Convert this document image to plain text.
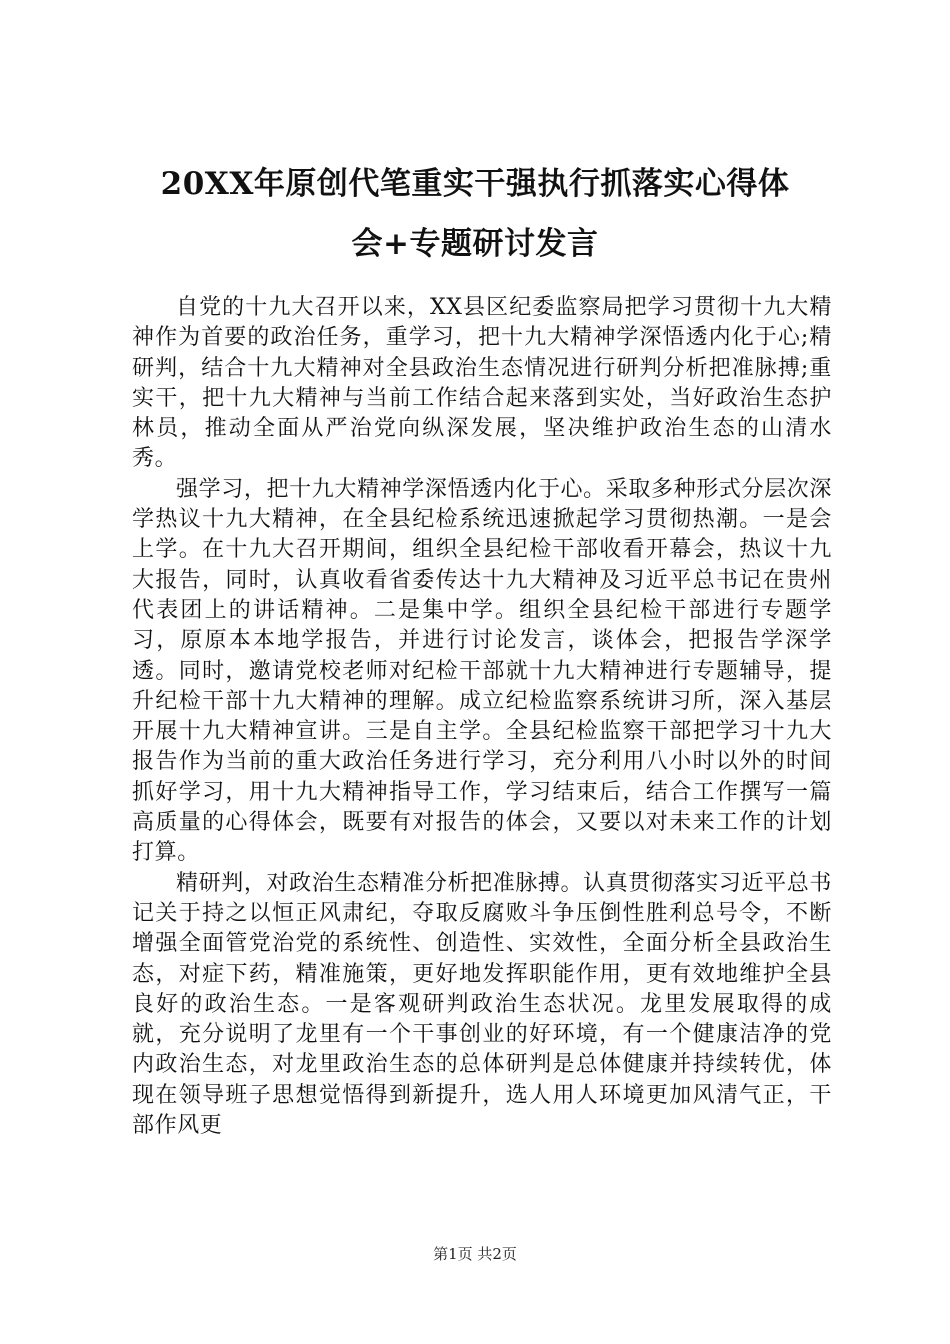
20XX年原创代笔重实干强执行抓落实心得体
会+专题研讨发言

自党的十九大召开以来，XX县区纪委监察局把学习贯彻十九大精神作为首要的政治任务，重学习，把十九大精神学深悟透内化于心;精研判，结合十九大精神对全县政治生态情况进行研判分析把准脉搏;重实干，把十九大精神与当前工作结合起来落到实处，当好政治生态护林员，推动全面从严治党向纵深发展，坚决维护政治生态的山清水秀。

强学习，把十九大精神学深悟透内化于心。采取多种形式分层次深学热议十九大精神，在全县纪检系统迅速掀起学习贯彻热潮。一是会上学。在十九大召开期间，组织全县纪检干部收看开幕会，热议十九大报告，同时，认真收看省委传达十九大精神及习近平总书记在贵州代表团上的讲话精神。二是集中学。组织全县纪检干部进行专题学习，原原本本地学报告，并进行讨论发言，谈体会，把报告学深学透。同时，邀请党校老师对纪检干部就十九大精神进行专题辅导，提升纪检干部十九大精神的理解。成立纪检监察系统讲习所，深入基层开展十九大精神宣讲。三是自主学。全县纪检监察干部把学习十九大报告作为当前的重大政治任务进行学习，充分利用八小时以外的时间抓好学习，用十九大精神指导工作，学习结束后，结合工作撰写一篇高质量的心得体会，既要有对报告的体会，又要以对未来工作的计划打算。

精研判，对政治生态精准分析把准脉搏。认真贯彻落实习近平总书记关于持之以恒正风肃纪，夺取反腐败斗争压倒性胜利总号令，不断增强全面管党治党的系统性、创造性、实效性，全面分析全县政治生态，对症下药，精准施策，更好地发挥职能作用，更有效地维护全县良好的政治生态。一是客观研判政治生态状况。龙里发展取得的成就，充分说明了龙里有一个干事创业的好环境，有一个健康洁净的党内政治生态，对龙里政治生态的总体研判是总体健康并持续转优，体现在领导班子思想觉悟得到新提升，选人用人环境更加风清气正，干部作风更

第1页 共2页
